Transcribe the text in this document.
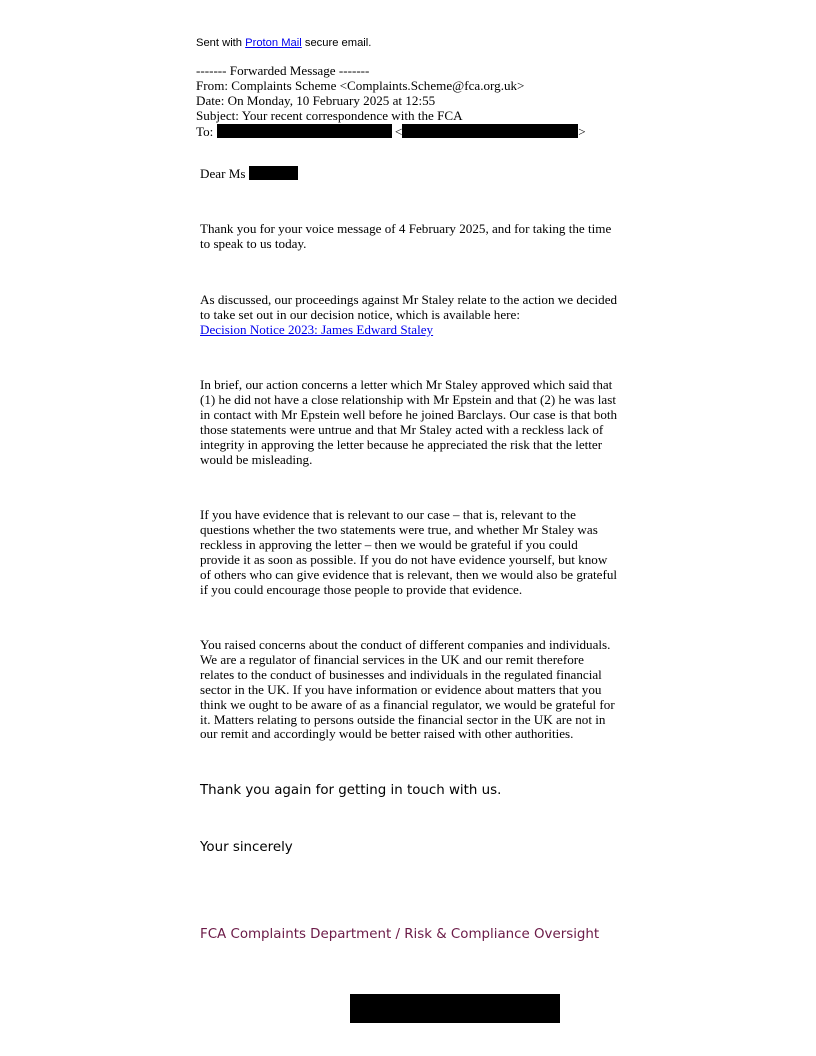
Sent with Proton Mail secure email.
------- Forwarded Message -------
From: Complaints Scheme <Complaints.Scheme@fca.org.uk>
Date: On Monday, 10 February 2025 at 12:55
Subject: Your recent correspondence with the FCA
To:	<	>
Dear Ms
Thank you for your voice message of 4 February 2025, and for taking the time to speak to us today.
As discussed, our proceedings against Mr Staley relate to the action we decided to take set out in our decision notice, which is available here:
Decision Notice 2023: James Edward Staley
In brief, our action concerns a letter which Mr Staley approved which said that (1) he did not have a close relationship with Mr Epstein and that (2) he was last in contact with Mr Epstein well before he joined Barclays. Our case is that both those statements were untrue and that Mr Staley acted with a reckless lack of integrity in approving the letter because he appreciated the risk that the letter would be misleading.
If you have evidence that is relevant to our case – that is, relevant to the questions whether the two statements were true, and whether Mr Staley was reckless in approving the letter – then we would be grateful if you could provide it as soon as possible. If you do not have evidence yourself, but know of others who can give evidence that is relevant, then we would also be grateful if you could encourage those people to provide that evidence.
You raised concerns about the conduct of different companies and individuals. We are a regulator of financial services in the UK and our remit therefore relates to the conduct of businesses and individuals in the regulated financial sector in the UK. If you have information or evidence about matters that you think we ought to be aware of as a financial regulator, we would be grateful for it. Matters relating to persons outside the financial sector in the UK are not in our remit and accordingly would be better raised with other authorities.
Thank you again for getting in touch with us.
Your sincerely
FCA Complaints Department / Risk & Compliance Oversight
